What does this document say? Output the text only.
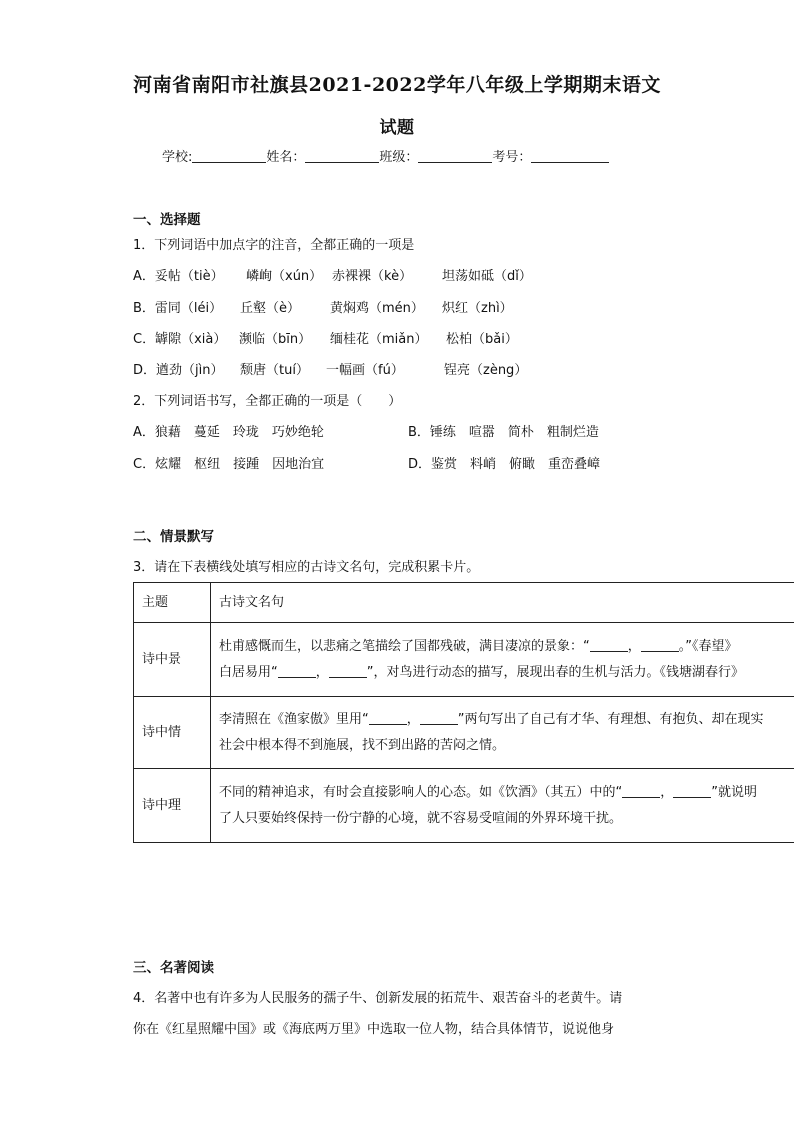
河南省南阳市社旗县2021-2022学年八年级上学期期末语文
试题
学校:	姓名：	班级：	考号：
一、选择题
1．下列词语中加点字的注音，全都正确的一项是
A．妥帖（tiè） 嶙峋（xún） 赤裸裸（kè） 坦荡如砥（dǐ）
B．雷同（léi） 丘壑（è） 黄焖鸡（mén） 炽红（zhì）
C．罅隙（xià） 濒临（bīn） 缅桂花（miǎn） 松柏（bǎi）
D．遒劲（jìn） 颓唐（tuí） 一幅画（fú）	锃亮（zèng）
2．下列词语书写，全都正确的一项是（　　）
A．狼藉　蔓延　玲珑　巧妙绝轮	B．锤练　喧嚣　简朴　粗制烂造
C．炫耀　枢纽　接踵　因地治宜	D．鉴赏　料峭　俯瞰　重峦叠嶂
二、情景默写
3．请在下表横线处填写相应的古诗文名句，完成积累卡片。
主题	古诗文名句
诗中景	杜甫感慨而生，以悲痛之笔描绘了国都残破，满目凄凉的景象：“ ， 。”《春望》
白居易用“ ， ”，对鸟进行动态的描写，展现出春的生机与活力。《钱塘湖春行》

诗中情	李清照在《渔家傲》里用“ ， ”两句写出了自己有才华、有理想、有抱负、却在现实
社会中根本得不到施展，找不到出路的苦闷之情。

诗中理	不同的精神追求，有时会直接影响人的心态。如《饮酒》（其五）中的“ ， ”就说明
了人只要始终保持一份宁静的心境，就不容易受喧闹的外界环境干扰。
三、名著阅读
4．名著中也有许多为人民服务的孺子牛、创新发展的拓荒牛、艰苦奋斗的老黄牛。请
你在《红星照耀中国》或《海底两万里》中选取一位人物，结合具体情节，说说他身
